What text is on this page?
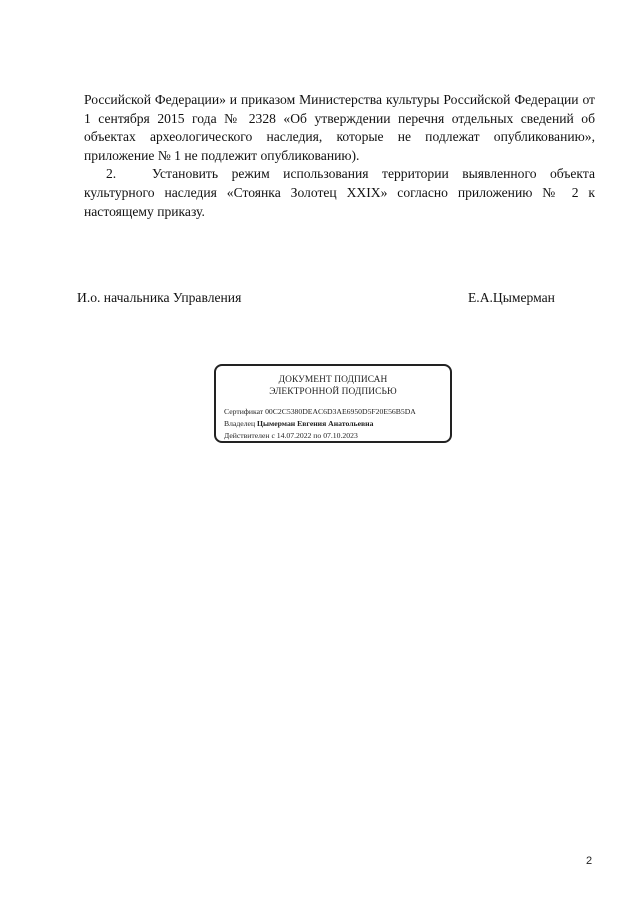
Российской Федерации» и приказом Министерства культуры Российской Федерации от 1 сентября 2015 года № 2328 «Об утверждении перечня отдельных сведений об объектах археологического наследия, которые не подлежат опубликованию», приложение № 1 не подлежит опубликованию).

2.	Установить режим использования территории выявленного объекта культурного наследия «Стоянка Золотец XXIX» согласно приложению № 2 к настоящему приказу.

И.о. начальника Управления	Е.А.Цымерман
ДОКУМЕНТ ПОДПИСАН
ЭЛЕКТРОННОЙ ПОДПИСЬЮ
Сертификат 00C2C5380DEAC6D3AE6950D5F20E56B5DA
Владелец Цымерман Евгения Анатольевна
Действителен с 14.07.2022 по 07.10.2023
2
